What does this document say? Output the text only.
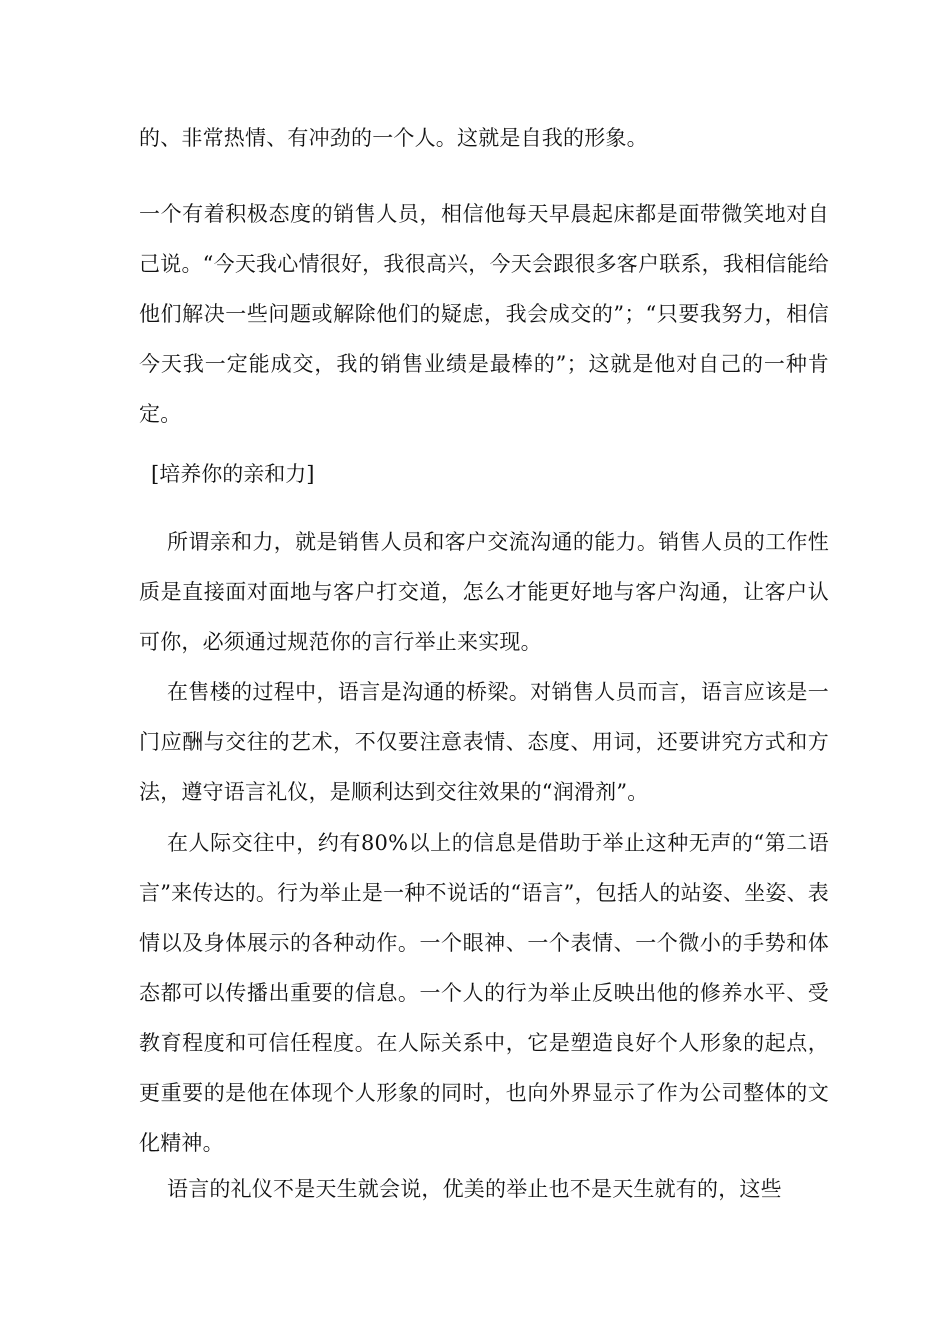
的、非常热情、有冲劲的一个人。这就是自我的形象。

一个有着积极态度的销售人员，相信他每天早晨起床都是面带微笑地对自己说。“今天我心情很好，我很高兴，今天会跟很多客户联系，我相信能给他们解决一些问题或解除他们的疑虑，我会成交的”；“只要我努力，相信今天我一定能成交，我的销售业绩是最棒的”；这就是他对自己的一种肯定。

[培养你的亲和力]

所谓亲和力，就是销售人员和客户交流沟通的能力。销售人员的工作性质是直接面对面地与客户打交道，怎么才能更好地与客户沟通，让客户认可你，必须通过规范你的言行举止来实现。

在售楼的过程中，语言是沟通的桥梁。对销售人员而言，语言应该是一门应酬与交往的艺术，不仅要注意表情、态度、用词，还要讲究方式和方法，遵守语言礼仪，是顺利达到交往效果的“润滑剂”。

在人际交往中，约有80%以上的信息是借助于举止这种无声的“第二语言”来传达的。行为举止是一种不说话的“语言”，包括人的站姿、坐姿、表情以及身体展示的各种动作。一个眼神、一个表情、一个微小的手势和体态都可以传播出重要的信息。一个人的行为举止反映出他的修养水平、受教育程度和可信任程度。在人际关系中，它是塑造良好个人形象的起点，更重要的是他在体现个人形象的同时，也向外界显示了作为公司整体的文化精神。

语言的礼仪不是天生就会说，优美的举止也不是天生就有的，这些
